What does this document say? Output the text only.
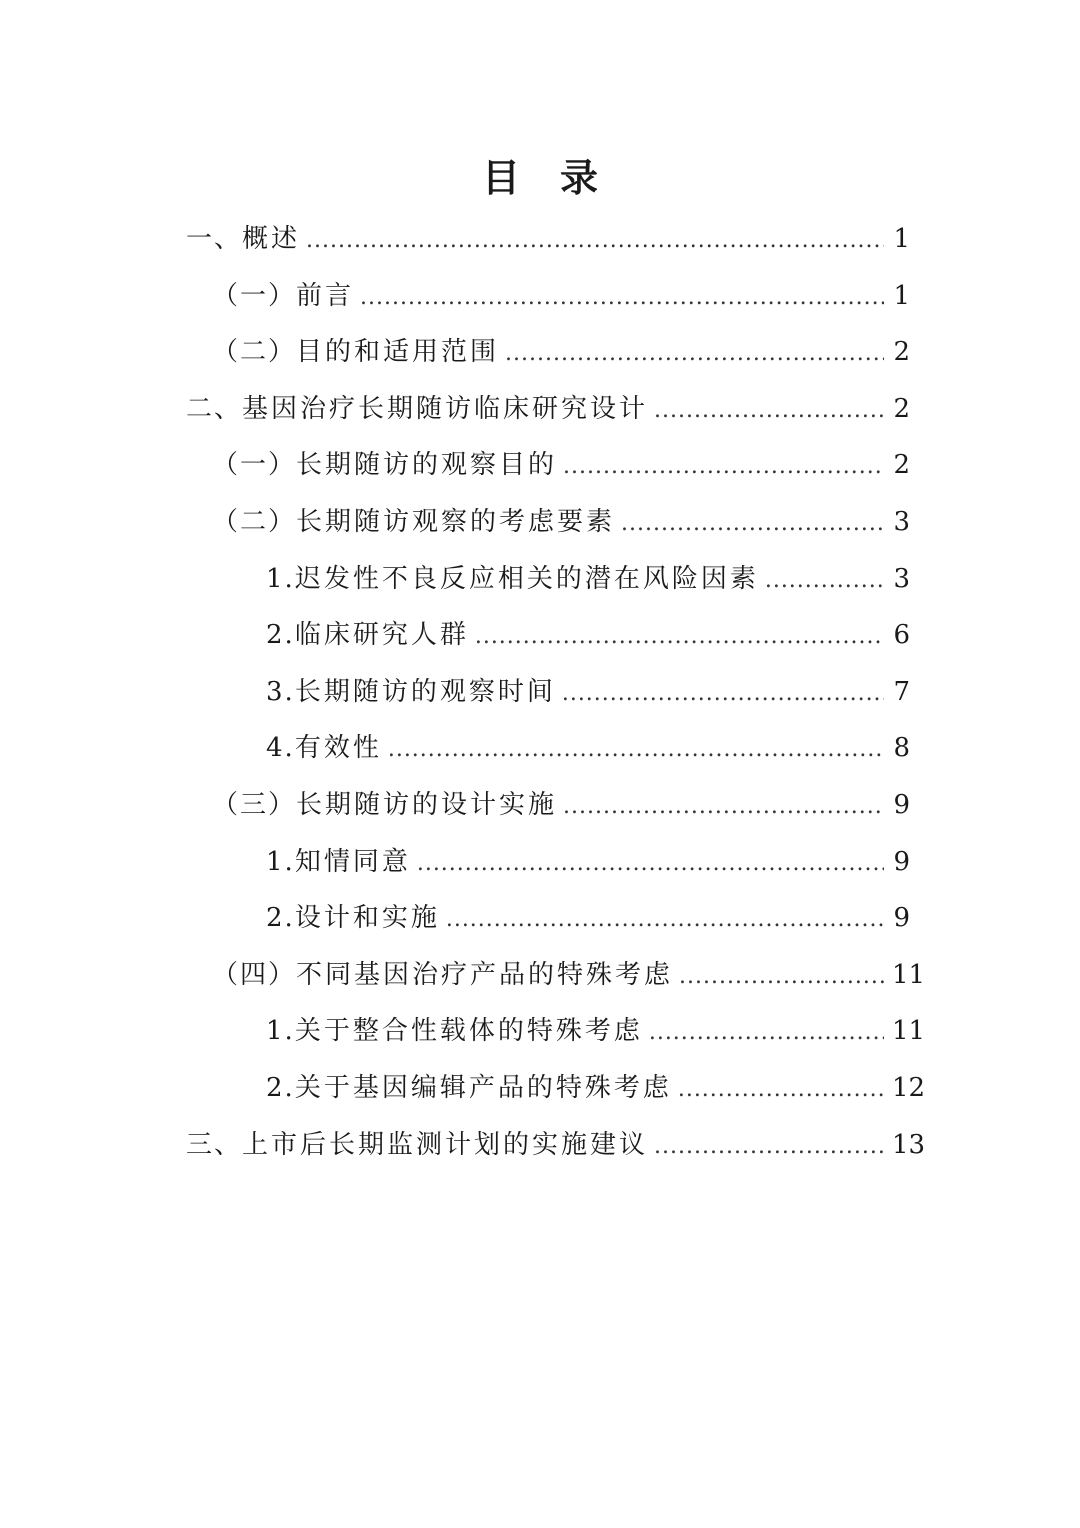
目 录
一、 概述 .....	1
（一） 前言 .....	1
（二） 目的和适用范围 .....	2
二、 基因治疗长期随访临床研究设计 .....	2
（一） 长期随访的观察目的 .....	2
（二） 长期随访观察的考虑要素 .....	3
1. 迟发性不良反应相关的潜在风险因素 .....	3
2. 临床研究人群 .....	6
3. 长期随访的观察时间 .....	7
4. 有效性 .....	8
（三） 长期随访的设计实施 .....	9
1. 知情同意 .....	9
2. 设计和实施 .....	9
（四） 不同基因治疗产品的特殊考虑 .....	11
1. 关于整合性载体的特殊考虑 .....	11
2. 关于基因编辑产品的特殊考虑 .....	12
三、 上市后长期监测计划的实施建议 .....	13
